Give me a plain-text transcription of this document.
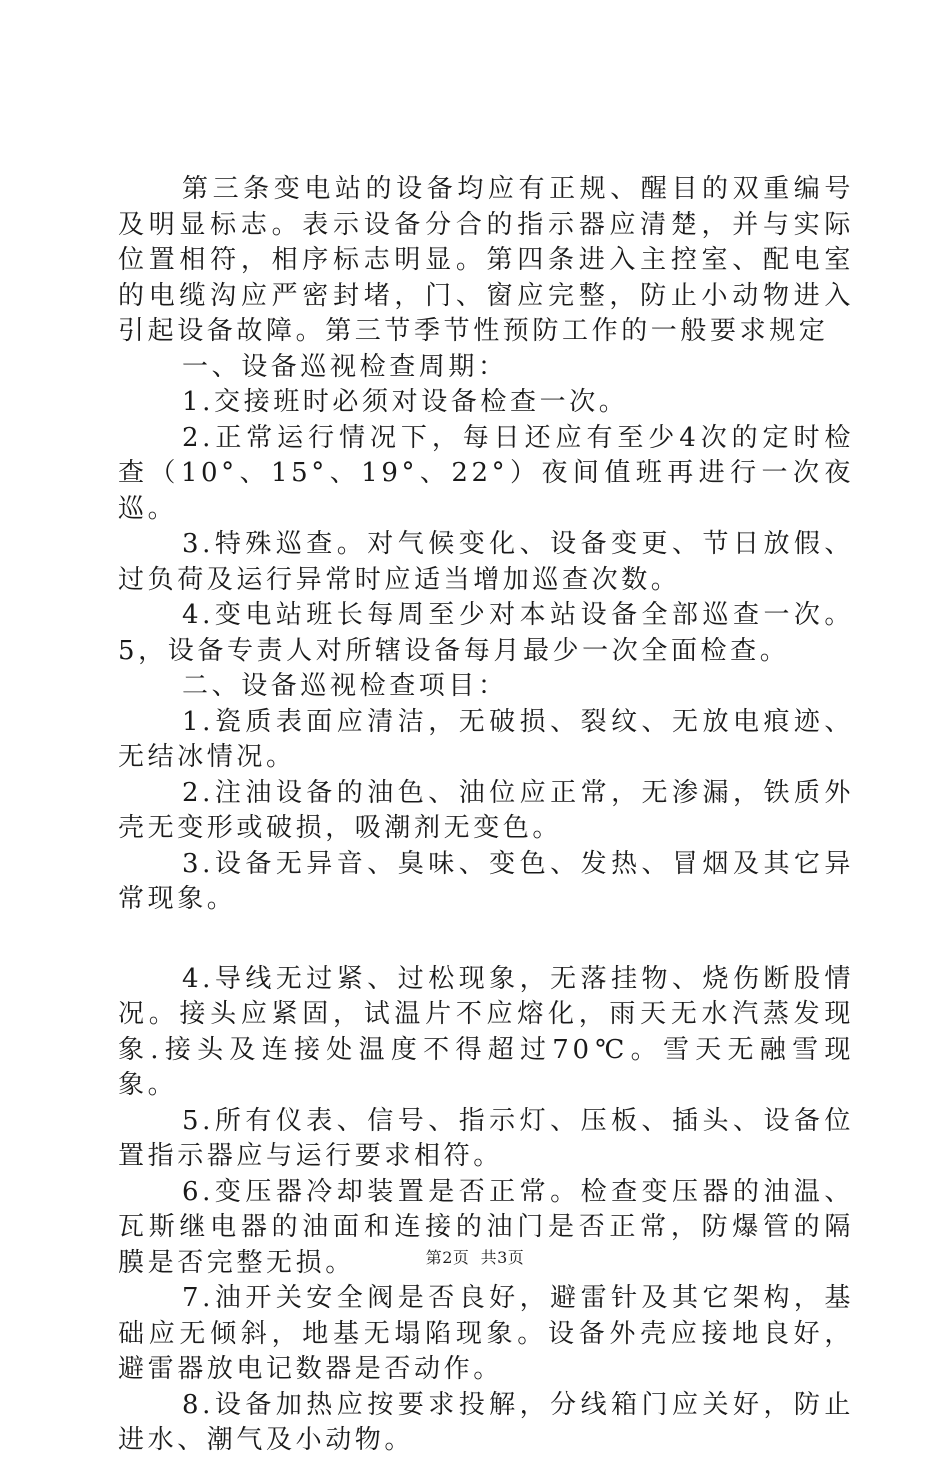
第三条变电站的设备均应有正规、醒目的双重编号及明显标志。表示设备分合的指示器应清楚，并与实际位置相符，相序标志明显。第四条进入主控室、配电室的电缆沟应严密封堵，门、窗应完整，防止小动物进入引起设备故障。第三节季节性预防工作的一般要求规定

一、设备巡视检查周期：

1.交接班时必须对设备检查一次。

2.正常运行情况下，每日还应有至少4次的定时检查（10°、15°、19°、22°）夜间值班再进行一次夜巡。

3.特殊巡查。对气候变化、设备变更、节日放假、过负荷及运行异常时应适当增加巡查次数。

4.变电站班长每周至少对本站设备全部巡查一次。5，设备专责人对所辖设备每月最少一次全面检查。

二、设备巡视检查项目：

1.瓷质表面应清洁，无破损、裂纹、无放电痕迹、无结冰情况。

2.注油设备的油色、油位应正常，无渗漏，铁质外壳无变形或破损，吸潮剂无变色。

3.设备无异音、臭味、变色、发热、冒烟及其它异常现象。

4.导线无过紧、过松现象，无落挂物、烧伤断股情况。接头应紧固，试温片不应熔化，雨天无水汽蒸发现象.接头及连接处温度不得超过70℃。雪天无融雪现象。

5.所有仪表、信号、指示灯、压板、插头、设备位置指示器应与运行要求相符。

6.变压器冷却装置是否正常。检查变压器的油温、瓦斯继电器的油面和连接的油门是否正常，防爆管的隔膜是否完整无损。

7.油开关安全阀是否良好，避雷针及其它架构，基础应无倾斜，地基无塌陷现象。设备外壳应接地良好，避雷器放电记数器是否动作。

8.设备加热应按要求投解，分线箱门应关好，防止进水、潮气及小动物。

第2页  共3页
